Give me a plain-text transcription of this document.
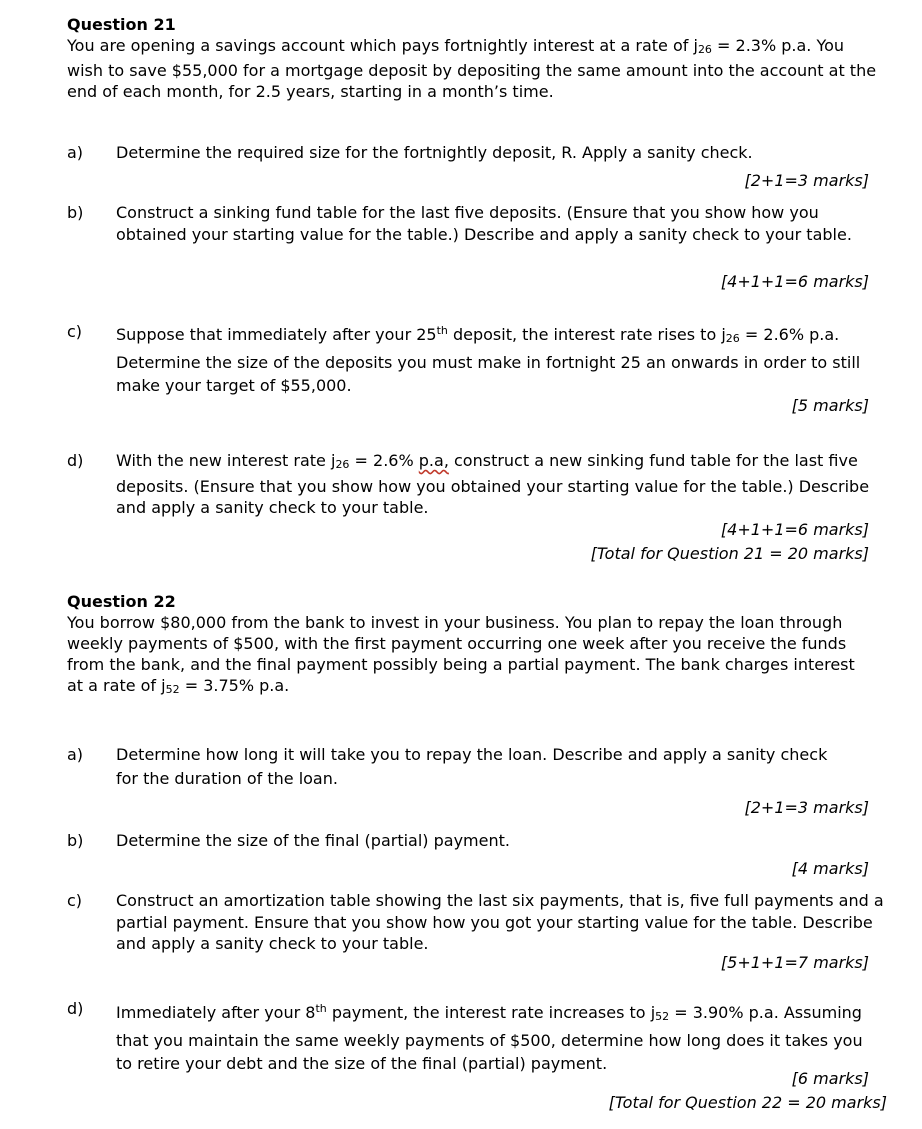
Question 21
You are opening a savings account which pays fortnightly interest at a rate of j26 = 2.3% p.a. You wish to save $55,000 for a mortgage deposit by depositing the same amount into the account at the end of each month, for 2.5 years, starting in a month’s time.
a) Determine the required size for the fortnightly deposit, R. Apply a sanity check.
[2+1=3 marks]
b) Construct a sinking fund table for the last five deposits. (Ensure that you show how you obtained your starting value for the table.) Describe and apply a sanity check to your table.
[4+1+1=6 marks]
c) Suppose that immediately after your 25th deposit, the interest rate rises to j26 = 2.6% p.a. Determine the size of the deposits you must make in fortnight 25 an onwards in order to still make your target of $55,000.
[5 marks]
d) With the new interest rate j26 = 2.6% p.a, construct a new sinking fund table for the last five deposits. (Ensure that you show how you obtained your starting value for the table.) Describe and apply a sanity check to your table.
[4+1+1=6 marks]
[Total for Question 21 = 20 marks]
Question 22
You borrow $80,000 from the bank to invest in your business. You plan to repay the loan through weekly payments of $500, with the first payment occurring one week after you receive the funds from the bank, and the final payment possibly being a partial payment. The bank charges interest at a rate of j52 = 3.75% p.a.
a) Determine how long it will take you to repay the loan. Describe and apply a sanity check for the duration of the loan.
[2+1=3 marks]
b) Determine the size of the final (partial) payment.
[4 marks]
c) Construct an amortization table showing the last six payments, that is, five full payments and a partial payment. Ensure that you show how you got your starting value for the table. Describe and apply a sanity check to your table.
[5+1+1=7 marks]
d) Immediately after your 8th payment, the interest rate increases to j52 = 3.90% p.a. Assuming that you maintain the same weekly payments of $500, determine how long does it takes you to retire your debt and the size of the final (partial) payment.
[6 marks]
[Total for Question 22 = 20 marks]
